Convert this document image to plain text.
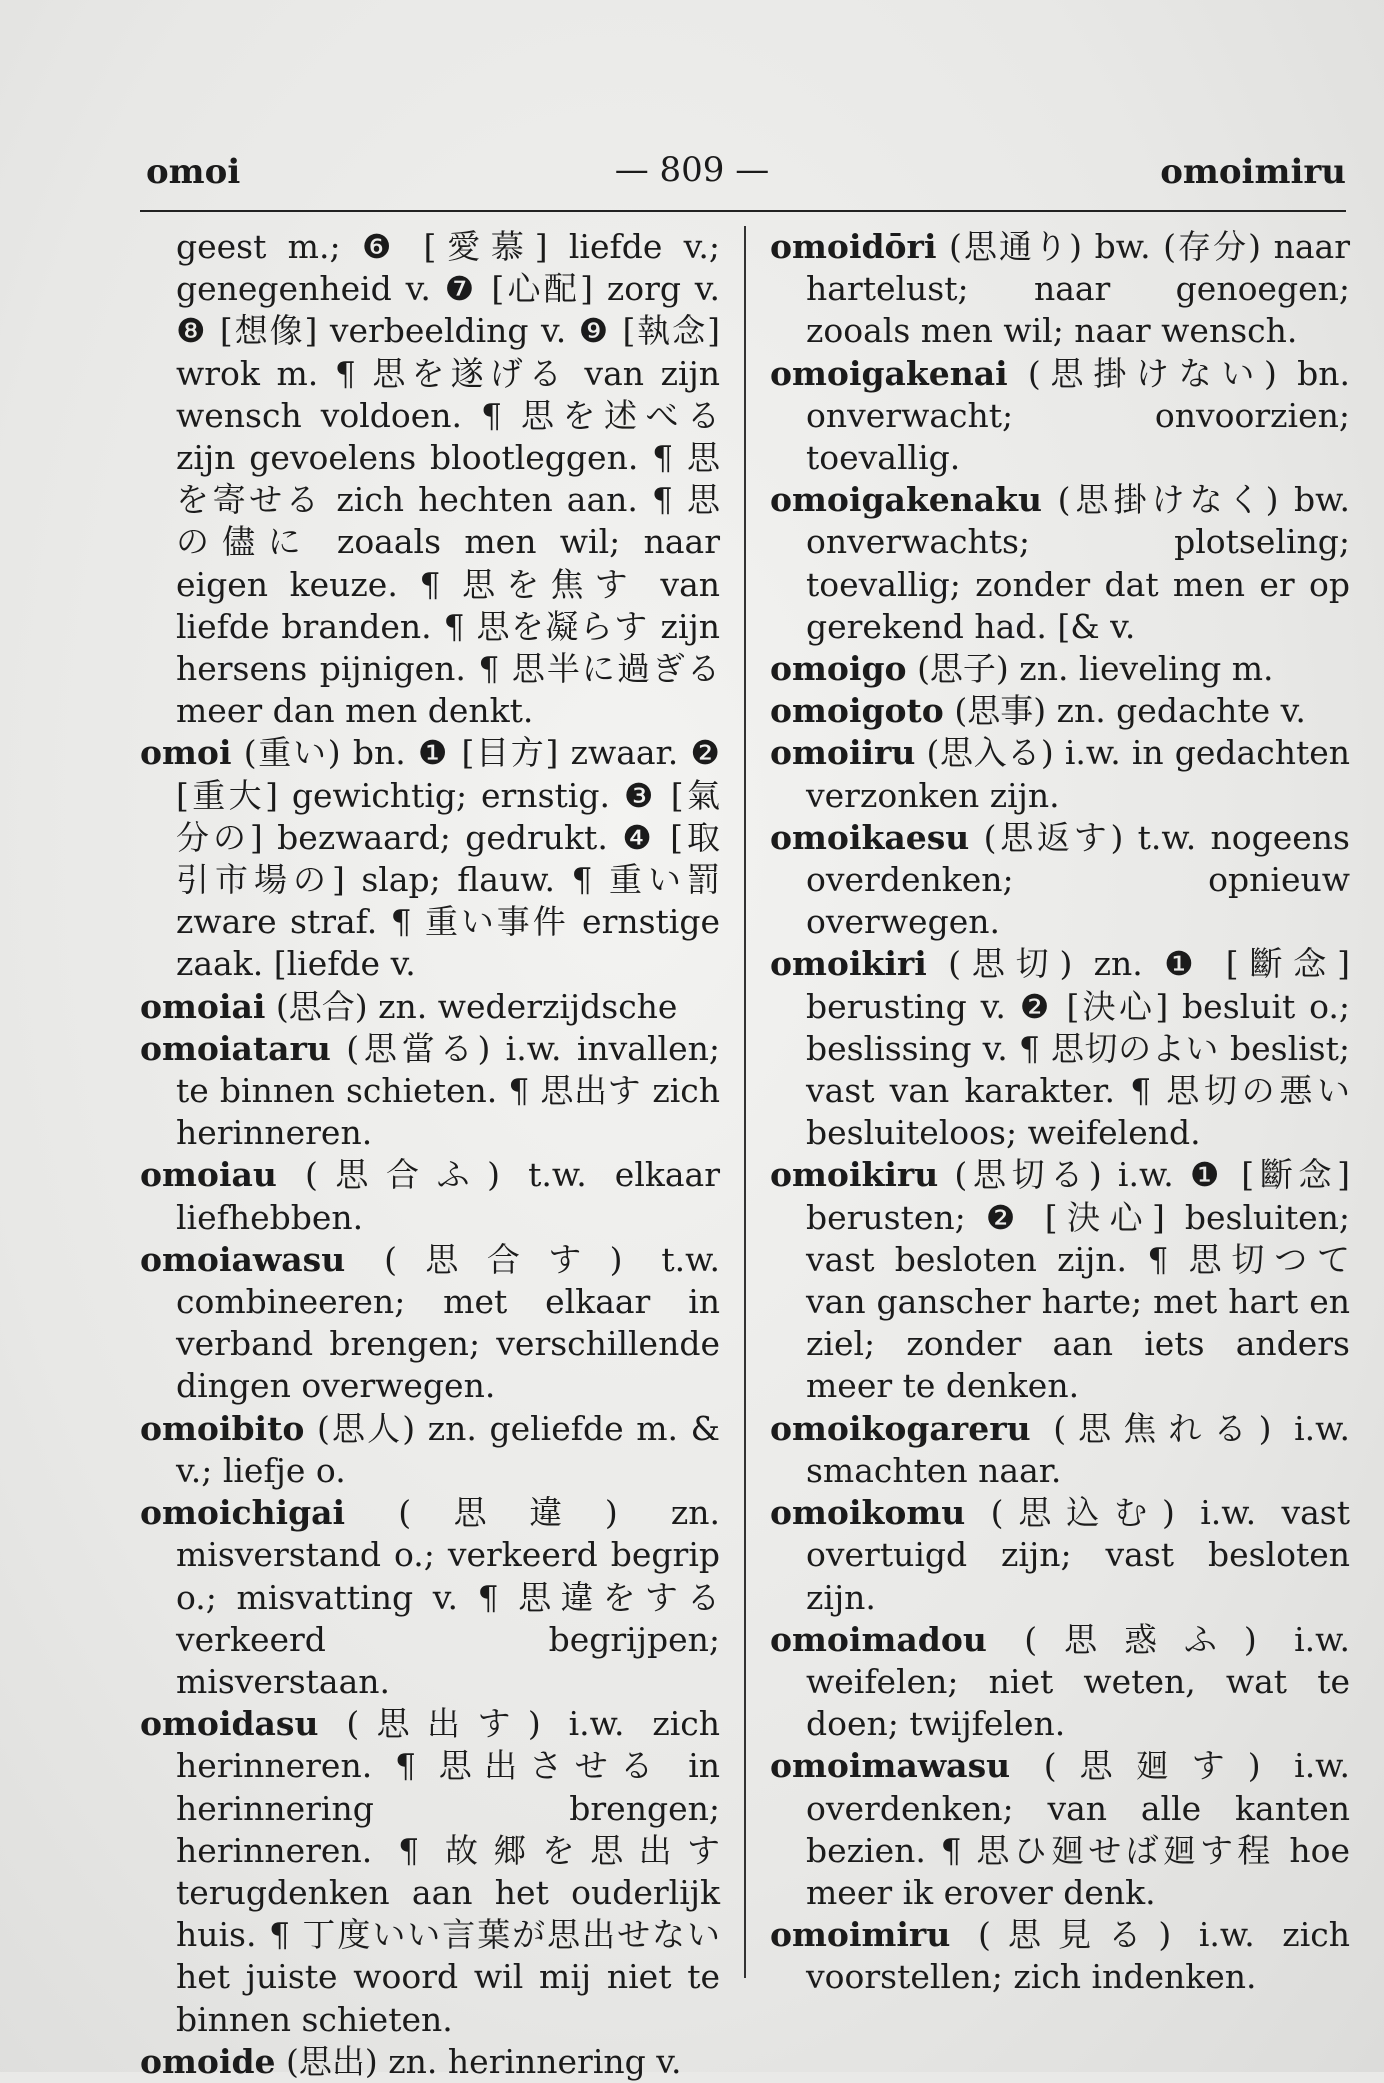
omoi	— 809 —	omoimiru

geest m.; ❻ [愛慕] liefde v.; genegenheid v. ❼ [心配] zorg v. ❽ [想像] verbeelding v. ❾ [執念] wrok m. ¶ 思を遂げる van zijn wensch voldoen. ¶ 思を述べる zijn gevoelens blootleggen. ¶ 思を寄せる zich hechten aan. ¶ 思の儘に zoaals men wil; naar eigen keuze. ¶ 思を焦す van liefde branden. ¶ 思を凝らす zijn hersens pijnigen. ¶ 思半に過ぎる meer dan men denkt.

omoi (重い) bn. ❶ [目方] zwaar. ❷ [重大] gewichtig; ernstig. ❸ [氣分の] bezwaard; gedrukt. ❹ [取引市場の] slap; flauw. ¶ 重い罰 zware straf. ¶ 重い事件 ernstige zaak. [liefde v.

omoiai (思合) zn. wederzijdsche

omoiataru (思當る) i.w. invallen; te binnen schieten. ¶ 思出す zich herinneren.

omoiau (思合ふ) t.w. elkaar liefhebben.

omoiawasu (思合す) t.w. combineeren; met elkaar in verband brengen; verschillende dingen overwegen.

omoibito (思人) zn. geliefde m. & v.; liefje o.

omoichigai (思違) zn. misverstand o.; verkeerd begrip o.; misvatting v. ¶ 思違をする verkeerd begrijpen; misverstaan.

omoidasu (思出す) i.w. zich herinneren. ¶ 思出させる in herinnering brengen; herinneren. ¶ 故郷を思出す terugdenken aan het ouderlijk huis. ¶ 丁度いい言葉が思出せない het juiste woord wil mij niet te binnen schieten.

omoide (思出) zn. herinnering v.

omoidōri (思通り) bw. (存分) naar hartelust; naar genoegen; zooals men wil; naar wensch.

omoigakenai (思掛けない) bn. onverwacht; onvoorzien; toevallig.

omoigakenaku (思掛けなく) bw. onverwachts; plotseling; toevallig; zonder dat men er op gerekend had. [& v.

omoigo (思子) zn. lieveling m.

omoigoto (思事) zn. gedachte v.

omoiiru (思入る) i.w. in gedachten verzonken zijn.

omoikaesu (思返す) t.w. nogeens overdenken; opnieuw overwegen.

omoikiri (思切) zn. ❶ [斷念] berusting v. ❷ [決心] besluit o.; beslissing v. ¶ 思切のよい beslist; vast van karakter. ¶ 思切の悪い besluiteloos; weifelend.

omoikiru (思切る) i.w. ❶ [斷念] berusten; ❷ [決心] besluiten; vast besloten zijn. ¶ 思切つて van ganscher harte; met hart en ziel; zonder aan iets anders meer te denken.

omoikogareru (思焦れる) i.w. smachten naar.

omoikomu (思込む) i.w. vast overtuigd zijn; vast besloten zijn.

omoimadou (思惑ふ) i.w. weifelen; niet weten, wat te doen; twijfelen.

omoimawasu (思廻す) i.w. overdenken; van alle kanten bezien. ¶ 思ひ廻せば廻す程 hoe meer ik erover denk.

omoimiru (思見る) i.w. zich voorstellen; zich indenken.
